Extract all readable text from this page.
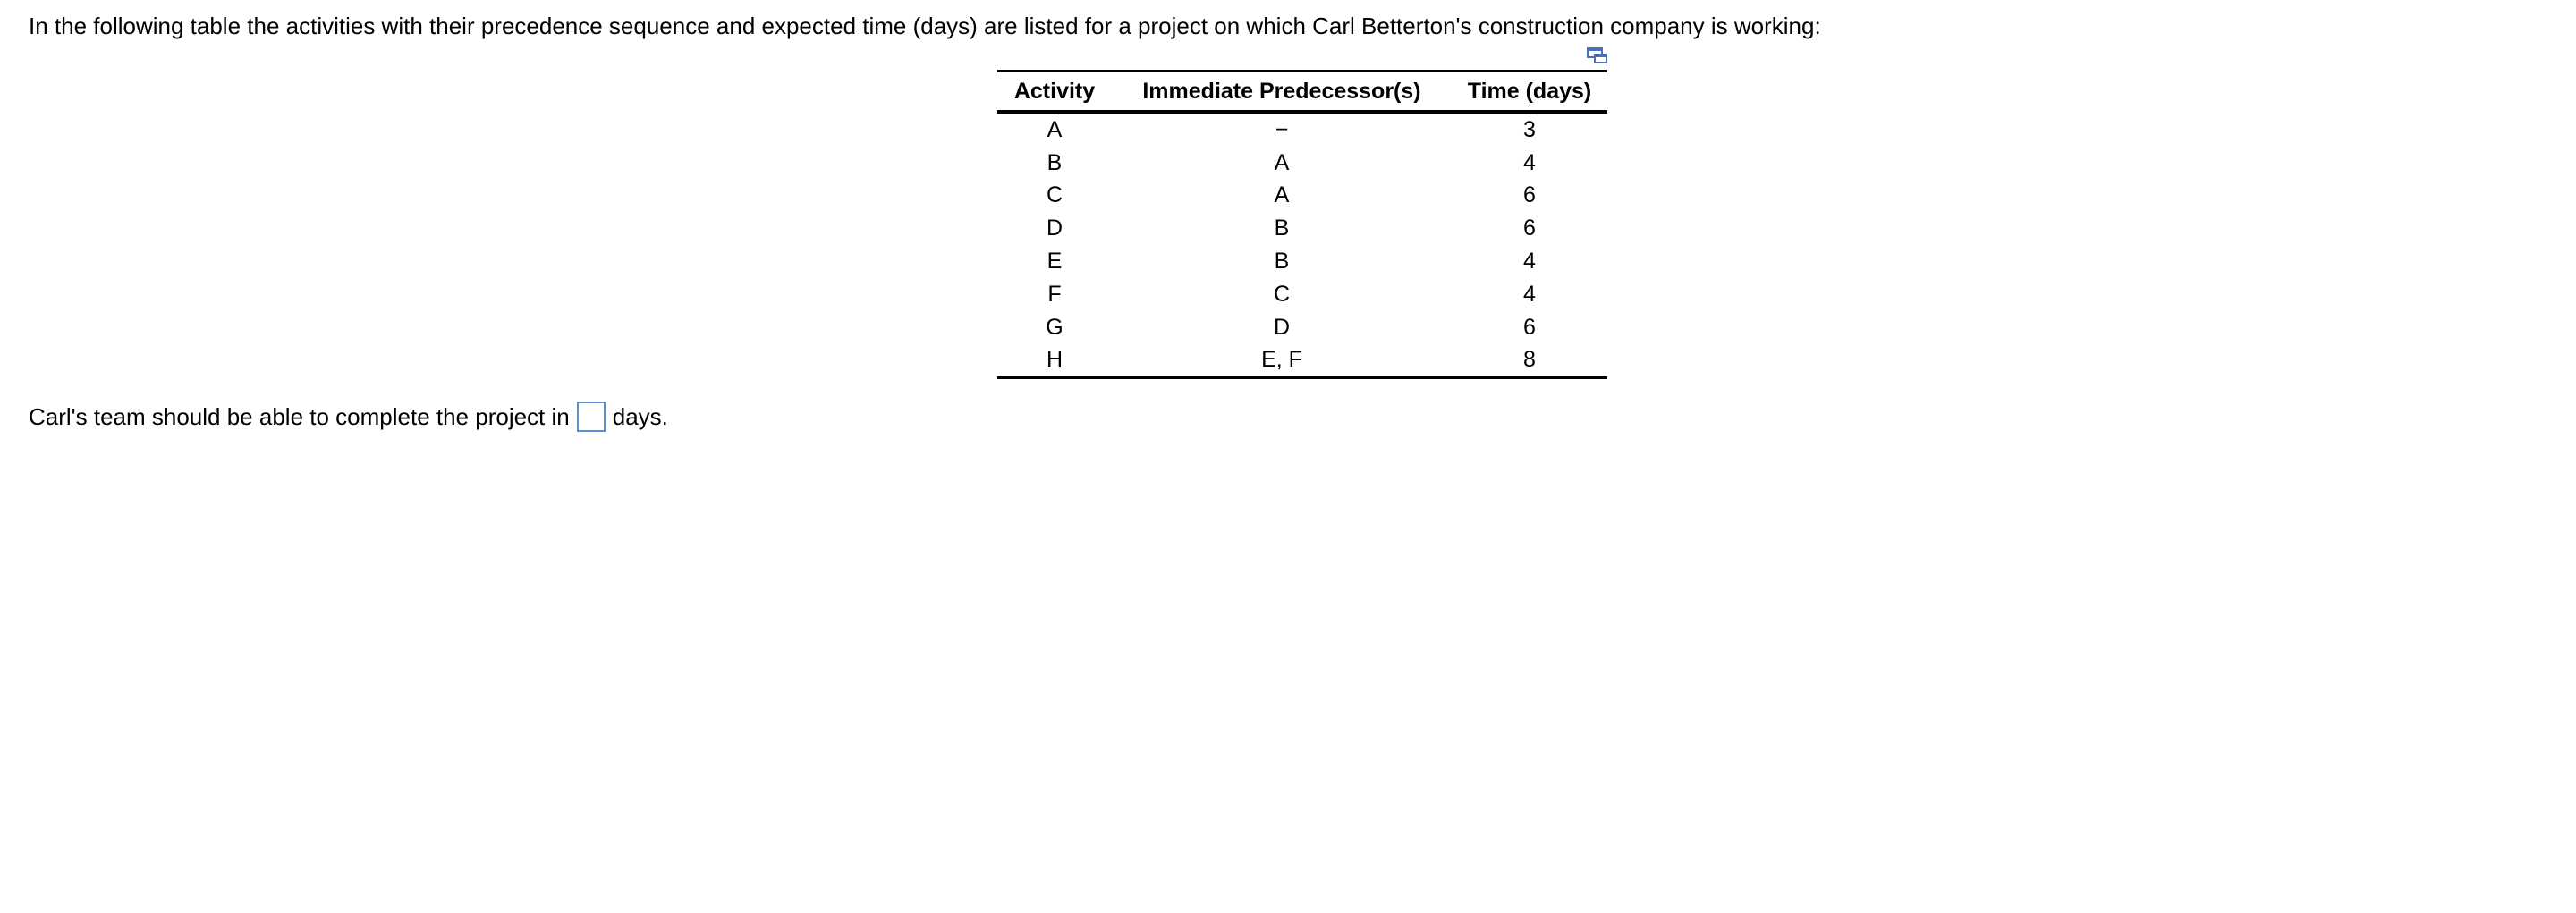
In the following table the activities with their precedence sequence and expected time (days) are listed for a project on which Carl Betterton's construction company is working:
Activity	Immediate Predecessor(s)	Time (days)
A	−	3
B	A	4
C	A	6
D	B	6
E	B	4
F	C	4
G	D	6
H	E, F	8
Carl's team should be able to complete the project in days.
